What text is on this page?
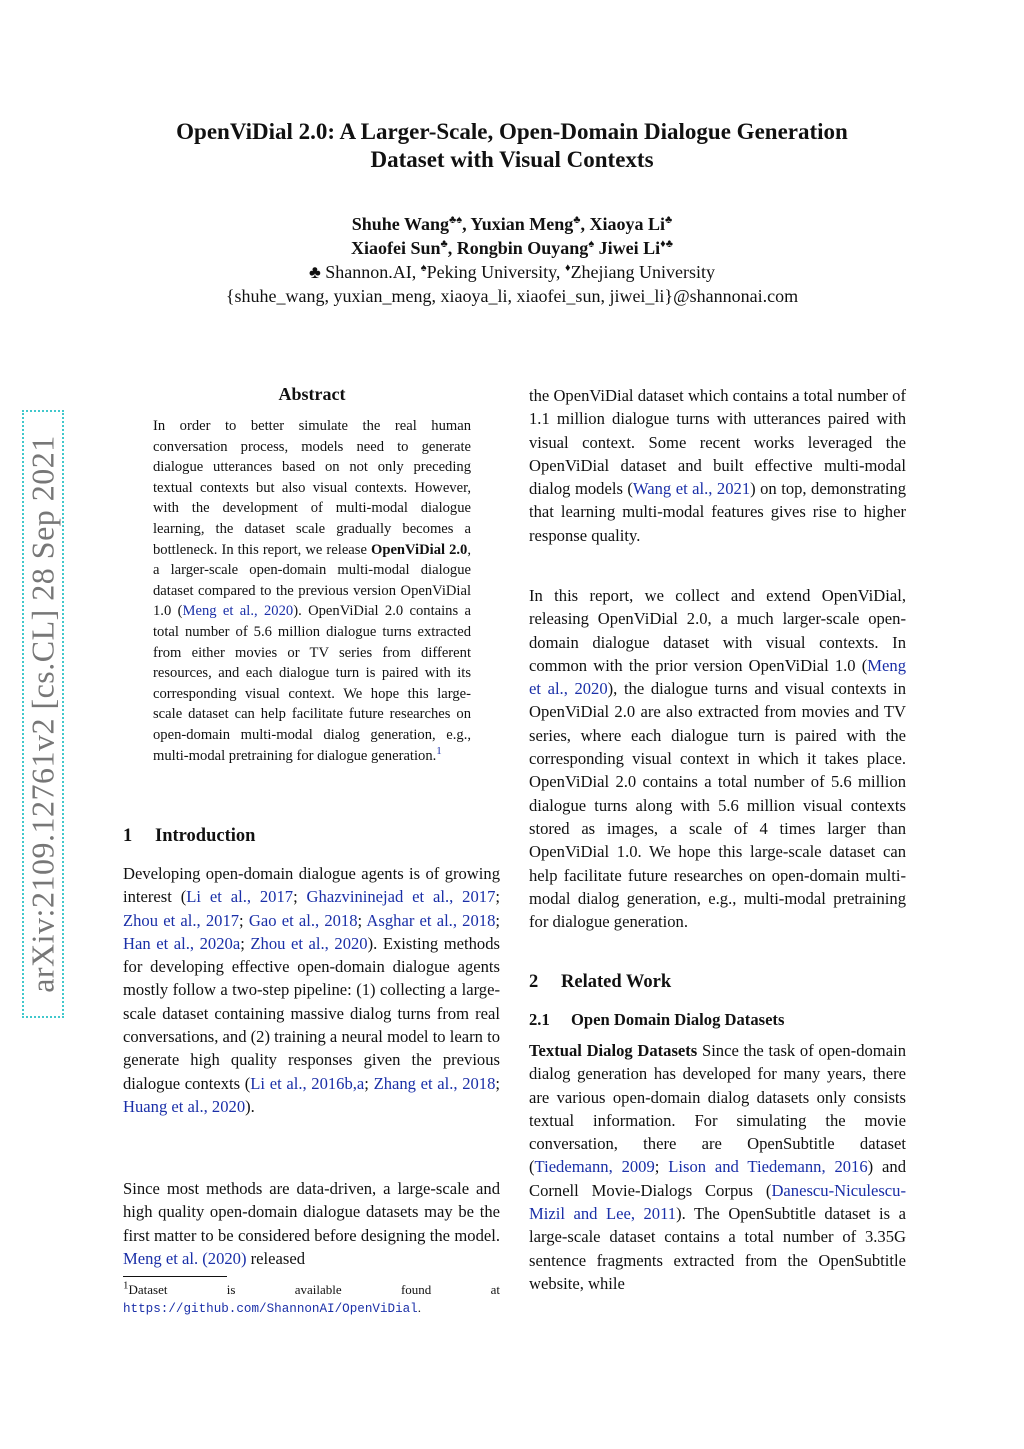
arXiv:2109.12761v2 [cs.CL] 28 Sep 2021
OpenViDial 2.0: A Larger-Scale, Open-Domain Dialogue Generation
Dataset with Visual Contexts
Shuhe Wang♣♠, Yuxian Meng♣, Xiaoya Li♣
Xiaofei Sun♣, Rongbin Ouyang♠ Jiwei Li♦♣
♣ Shannon.AI, ♠Peking University, ♦Zhejiang University
{shuhe_wang, yuxian_meng, xiaoya_li, xiaofei_sun, jiwei_li}@shannonai.com
Abstract
In order to better simulate the real human conversation process, models need to generate dialogue utterances based on not only preceding textual contexts but also visual contexts. However, with the development of multi-modal dialogue learning, the dataset scale gradually becomes a bottleneck. In this report, we release OpenViDial 2.0, a larger-scale open-domain multi-modal dialogue dataset compared to the previous version OpenViDial 1.0 (Meng et al., 2020). OpenViDial 2.0 contains a total number of 5.6 million dialogue turns extracted from either movies or TV series from different resources, and each dialogue turn is paired with its corresponding visual context. We hope this large-scale dataset can help facilitate future researches on open-domain multi-modal dialog generation, e.g., multi-modal pretraining for dialogue generation.$^1$
1 Introduction

Developing open-domain dialogue agents is of growing interest (Li et al., 2017; Ghazvininejad et al., 2017; Zhou et al., 2017; Gao et al., 2018; Asghar et al., 2018; Han et al., 2020a; Zhou et al., 2020). Existing methods for developing effective open-domain dialogue agents mostly follow a two-step pipeline: (1) collecting a large-scale dataset containing massive dialog turns from real conversations, and (2) training a neural model to learn to generate high quality responses given the previous dialogue contexts (Li et al., 2016b,a; Zhang et al., 2018; Huang et al., 2020).

Since most methods are data-driven, a large-scale and high quality open-domain dialogue datasets may be the first matter to be considered before designing the model. Meng et al. (2020) released

$^1$Dataset is available found at
https://github.com/ShannonAI/OpenViDial.

the OpenViDial dataset which contains a total number of 1.1 million dialogue turns with utterances paired with visual context. Some recent works leveraged the OpenViDial dataset and built effective multi-modal dialog models (Wang et al., 2021) on top, demonstrating that learning multi-modal features gives rise to higher response quality.

In this report, we collect and extend OpenViDial, releasing OpenViDial 2.0, a much larger-scale open-domain dialogue dataset with visual contexts. In common with the prior version OpenViDial 1.0 (Meng et al., 2020), the dialogue turns and visual contexts in OpenViDial 2.0 are also extracted from movies and TV series, where each dialogue turn is paired with the corresponding visual context in which it takes place. OpenViDial 2.0 contains a total number of 5.6 million dialogue turns along with 5.6 million visual contexts stored as images, a scale of 4 times larger than OpenViDial 1.0. We hope this large-scale dataset can help facilitate future researches on open-domain multi-modal dialog generation, e.g., multi-modal pretraining for dialogue generation.

2 Related Work
2.1 Open Domain Dialog Datasets

Textual Dialog Datasets Since the task of open-domain dialog generation has developed for many years, there are various open-domain dialog datasets only consists textual information. For simulating the movie conversation, there are OpenSubtitle dataset (Tiedemann, 2009; Lison and Tiedemann, 2016) and Cornell Movie-Dialogs Corpus (Danescu-Niculescu-Mizil and Lee, 2011). The OpenSubtitle dataset is a large-scale dataset contains a total number of 3.35G sentence fragments extracted from the OpenSubtitle website, while
